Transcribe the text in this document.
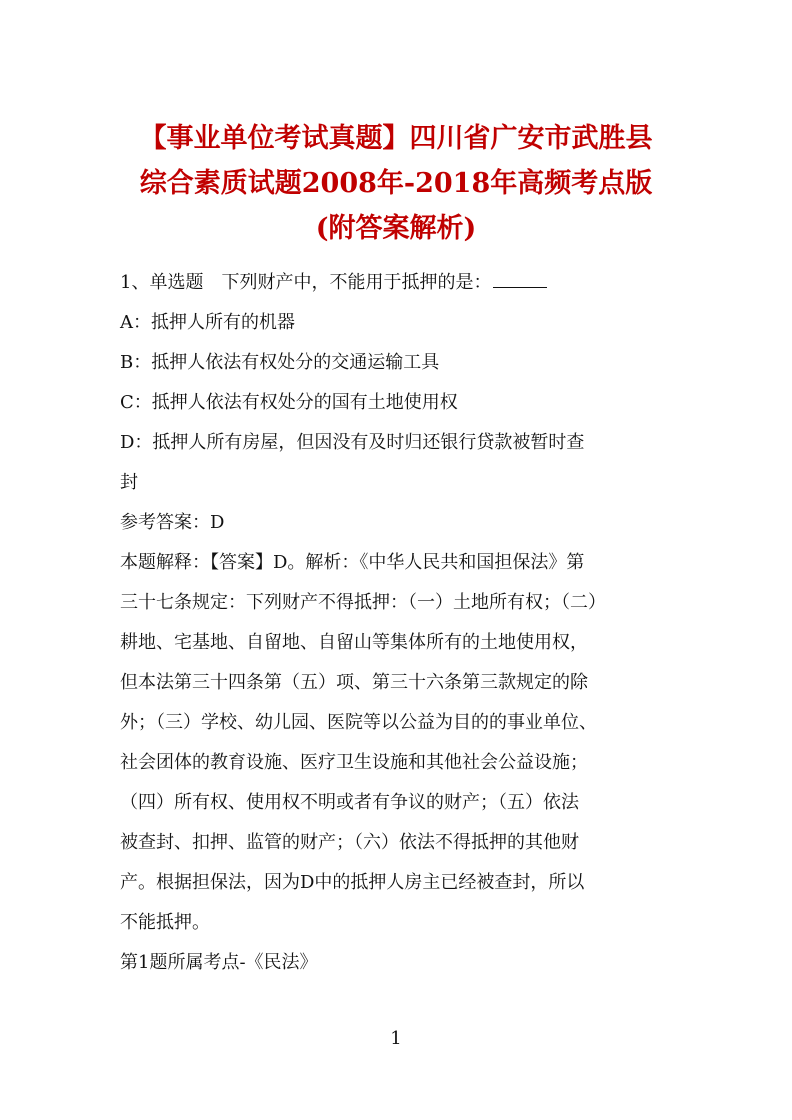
【事业单位考试真题】四川省广安市武胜县
综合素质试题2008年-2018年高频考点版
(附答案解析)
1、单选题　下列财产中，不能用于抵押的是：
A：抵押人所有的机器
B：抵押人依法有权处分的交通运输工具
C：抵押人依法有权处分的国有土地使用权
D：抵押人所有房屋，但因没有及时归还银行贷款被暂时查
封
参考答案：D
本题解释：【答案】D。解析：《中华人民共和国担保法》第
三十七条规定：下列财产不得抵押：（一）土地所有权；（二）
耕地、宅基地、自留地、自留山等集体所有的土地使用权，
但本法第三十四条第（五）项、第三十六条第三款规定的除
外；（三）学校、幼儿园、医院等以公益为目的的事业单位、
社会团体的教育设施、医疗卫生设施和其他社会公益设施；
（四）所有权、使用权不明或者有争议的财产；（五）依法
被查封、扣押、监管的财产；（六）依法不得抵押的其他财
产。根据担保法，因为D中的抵押人房主已经被查封，所以
不能抵押。
第1题所属考点-《民法》
1
